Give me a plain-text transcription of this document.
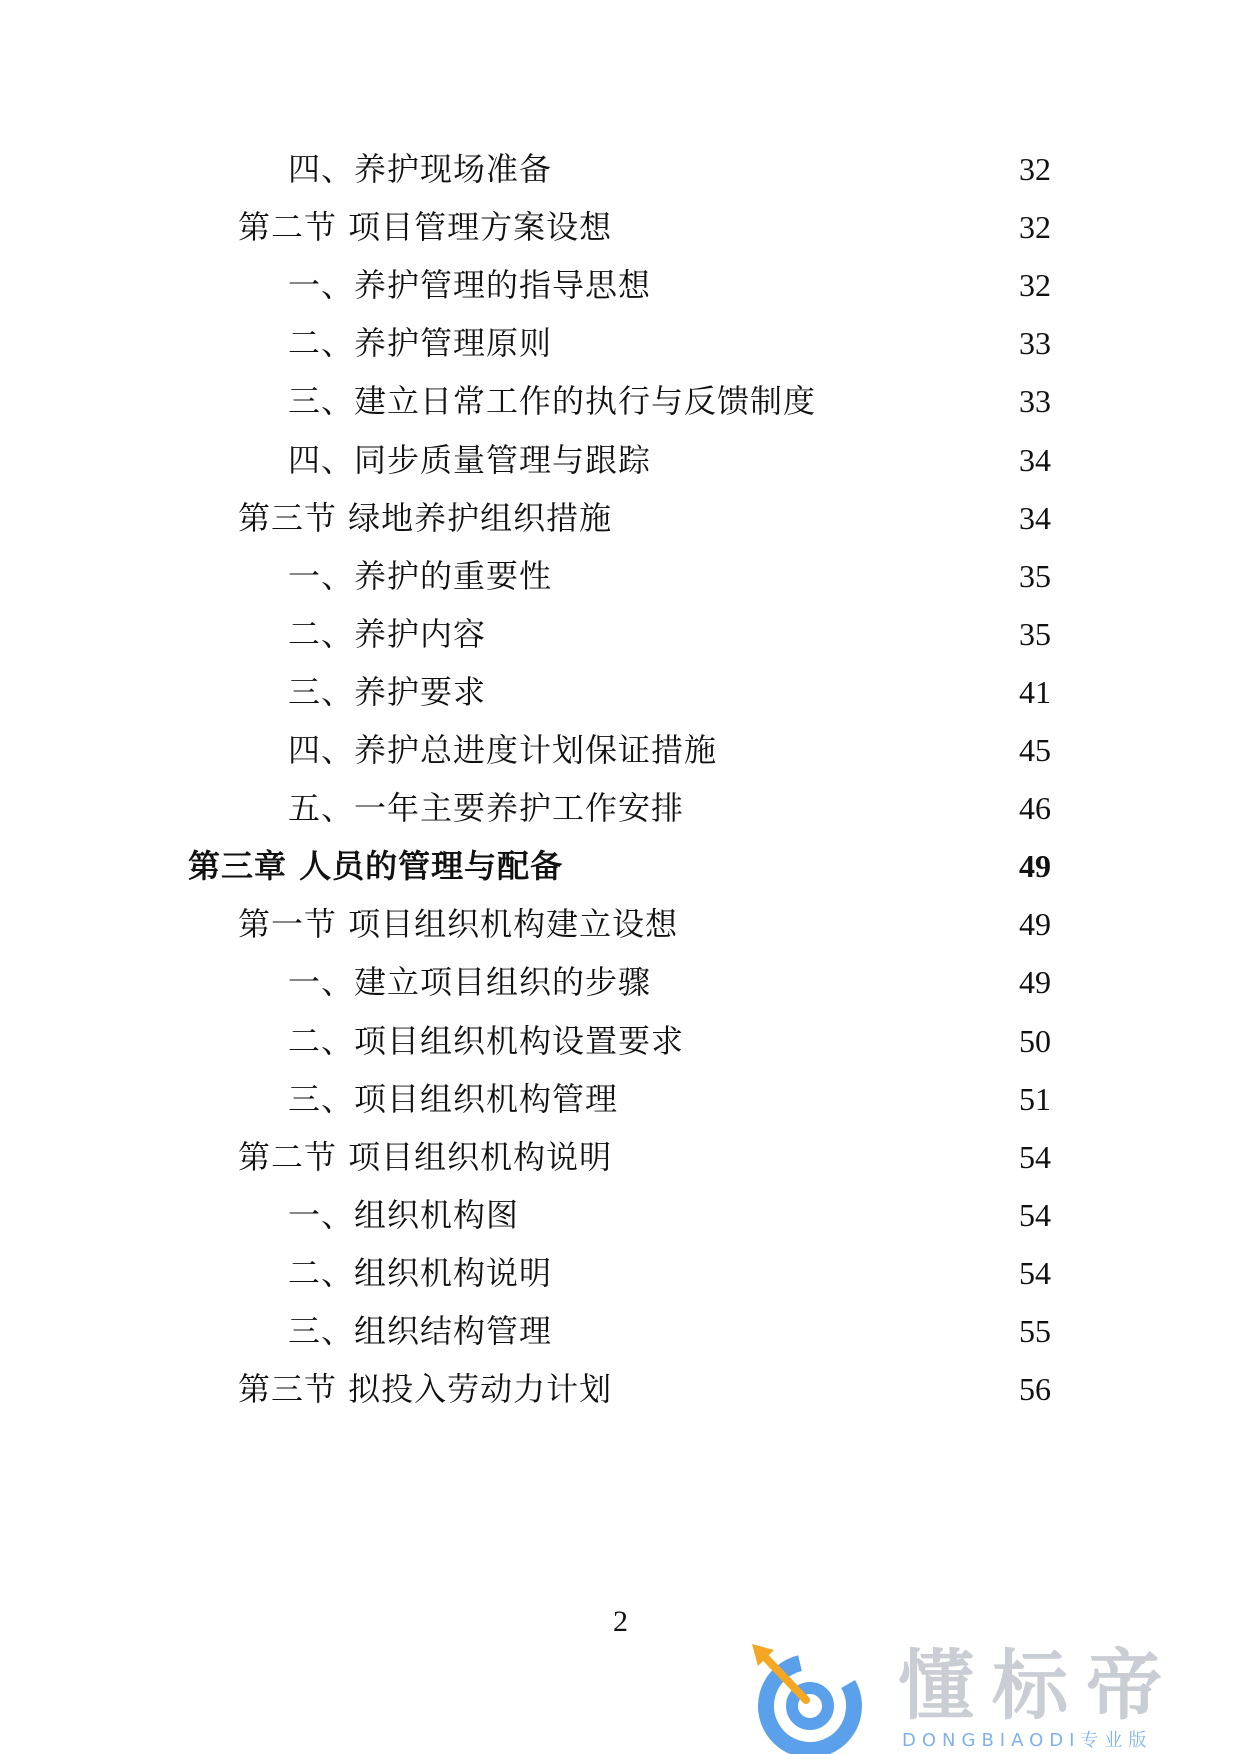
四、养护现场准备	32
第二节 项目管理方案设想	32
一、养护管理的指导思想	32
二、养护管理原则	33
三、建立日常工作的执行与反馈制度	33
四、同步质量管理与跟踪	34
第三节 绿地养护组织措施	34
一、养护的重要性	35
二、养护内容	35
三、养护要求	41
四、养护总进度计划保证措施	45
五、一年主要养护工作安排	46
第三章 人员的管理与配备	49
第一节 项目组织机构建立设想	49
一、建立项目组织的步骤	49
二、项目组织机构设置要求	50
三、项目组织机构管理	51
第二节 项目组织机构说明	54
一、组织机构图	54
二、组织机构说明	54
三、组织结构管理	55
第三节 拟投入劳动力计划	56
2
懂标帝
DONGBIAODI专业版
